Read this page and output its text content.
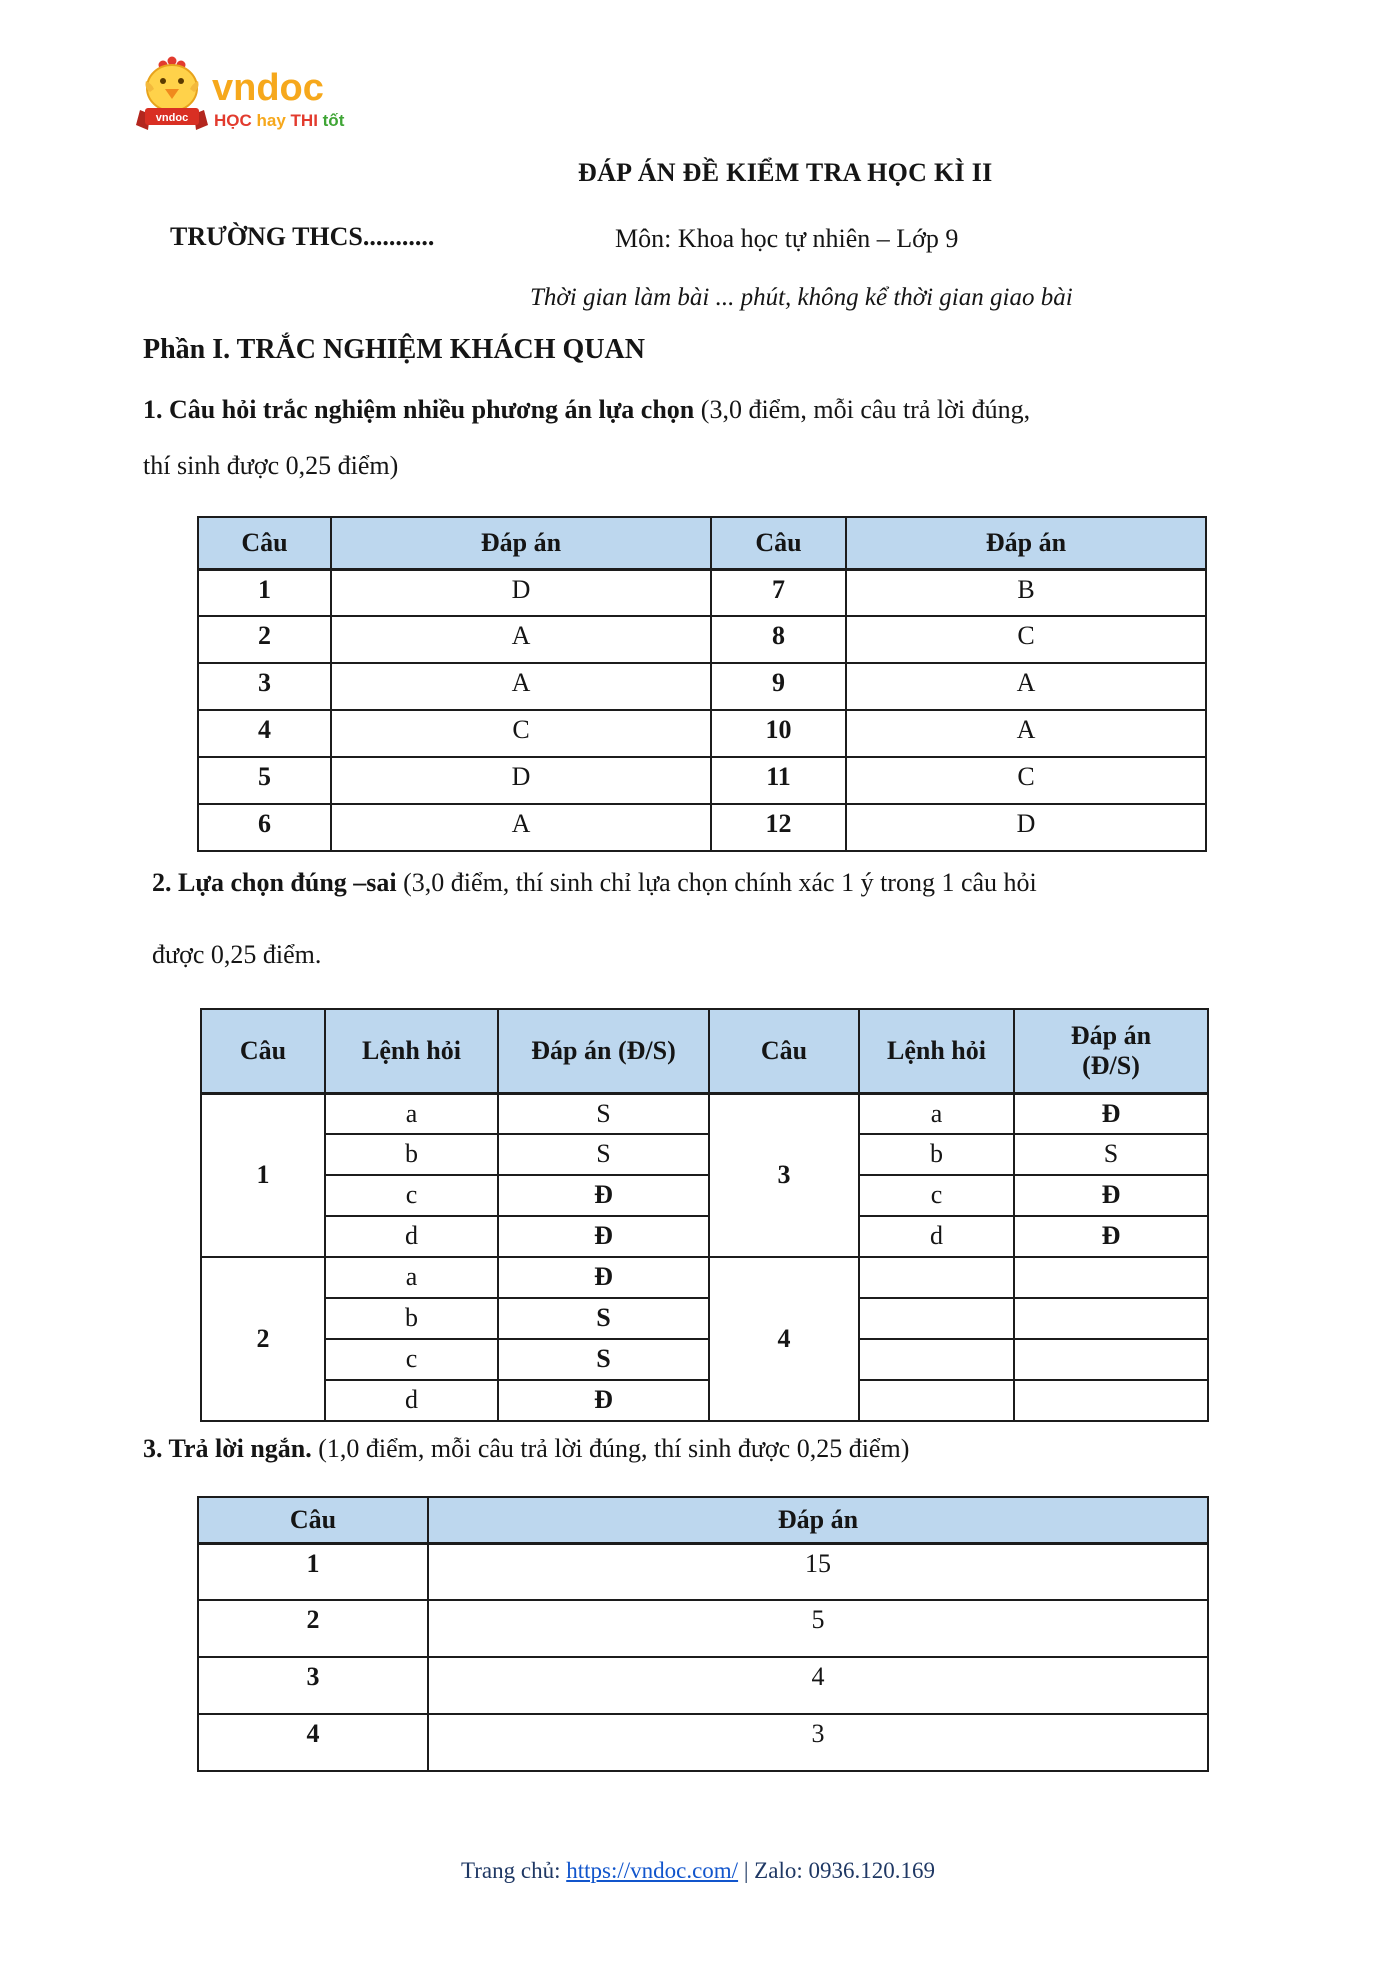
vndoc
vndoc
HỌC hay THI tốt
ĐÁP ÁN ĐỀ KIỂM TRA HỌC KÌ II
TRƯỜNG THCS...........	Môn: Khoa học tự nhiên – Lớp 9
Thời gian làm bài ... phút, không kể thời gian giao bài
Phần I. TRẮC NGHIỆM KHÁCH QUAN
1. Câu hỏi trắc nghiệm nhiều phương án lựa chọn (3,0 điểm, mỗi câu trả lời đúng,
thí sinh được 0,25 điểm)
Câu	Đáp án	Câu	Đáp án
1	D	7	B
2	A	8	C
3	A	9	A
4	C	10	A
5	D	11	C
6	A	12	D
2. Lựa chọn đúng –sai (3,0 điểm, thí sinh chỉ lựa chọn chính xác 1 ý trong 1 câu hỏi
được 0,25 điểm.
Câu	Lệnh hỏi	Đáp án (Đ/S)	Câu	Lệnh hỏi	Đáp án
(Đ/S)
1	a	S	3	a	Đ
	b	S		b	S
	c	Đ		c	Đ
	d	Đ		d	Đ
2	a	Đ	4		
	b	S			
	c	S			
	d	Đ			
3. Trả lời ngắn. (1,0 điểm, mỗi câu trả lời đúng, thí sinh được 0,25 điểm)
Câu	Đáp án
1	15
2	5
3	4
4	3
Trang chủ: https://vndoc.com/ | Zalo: 0936.120.169
